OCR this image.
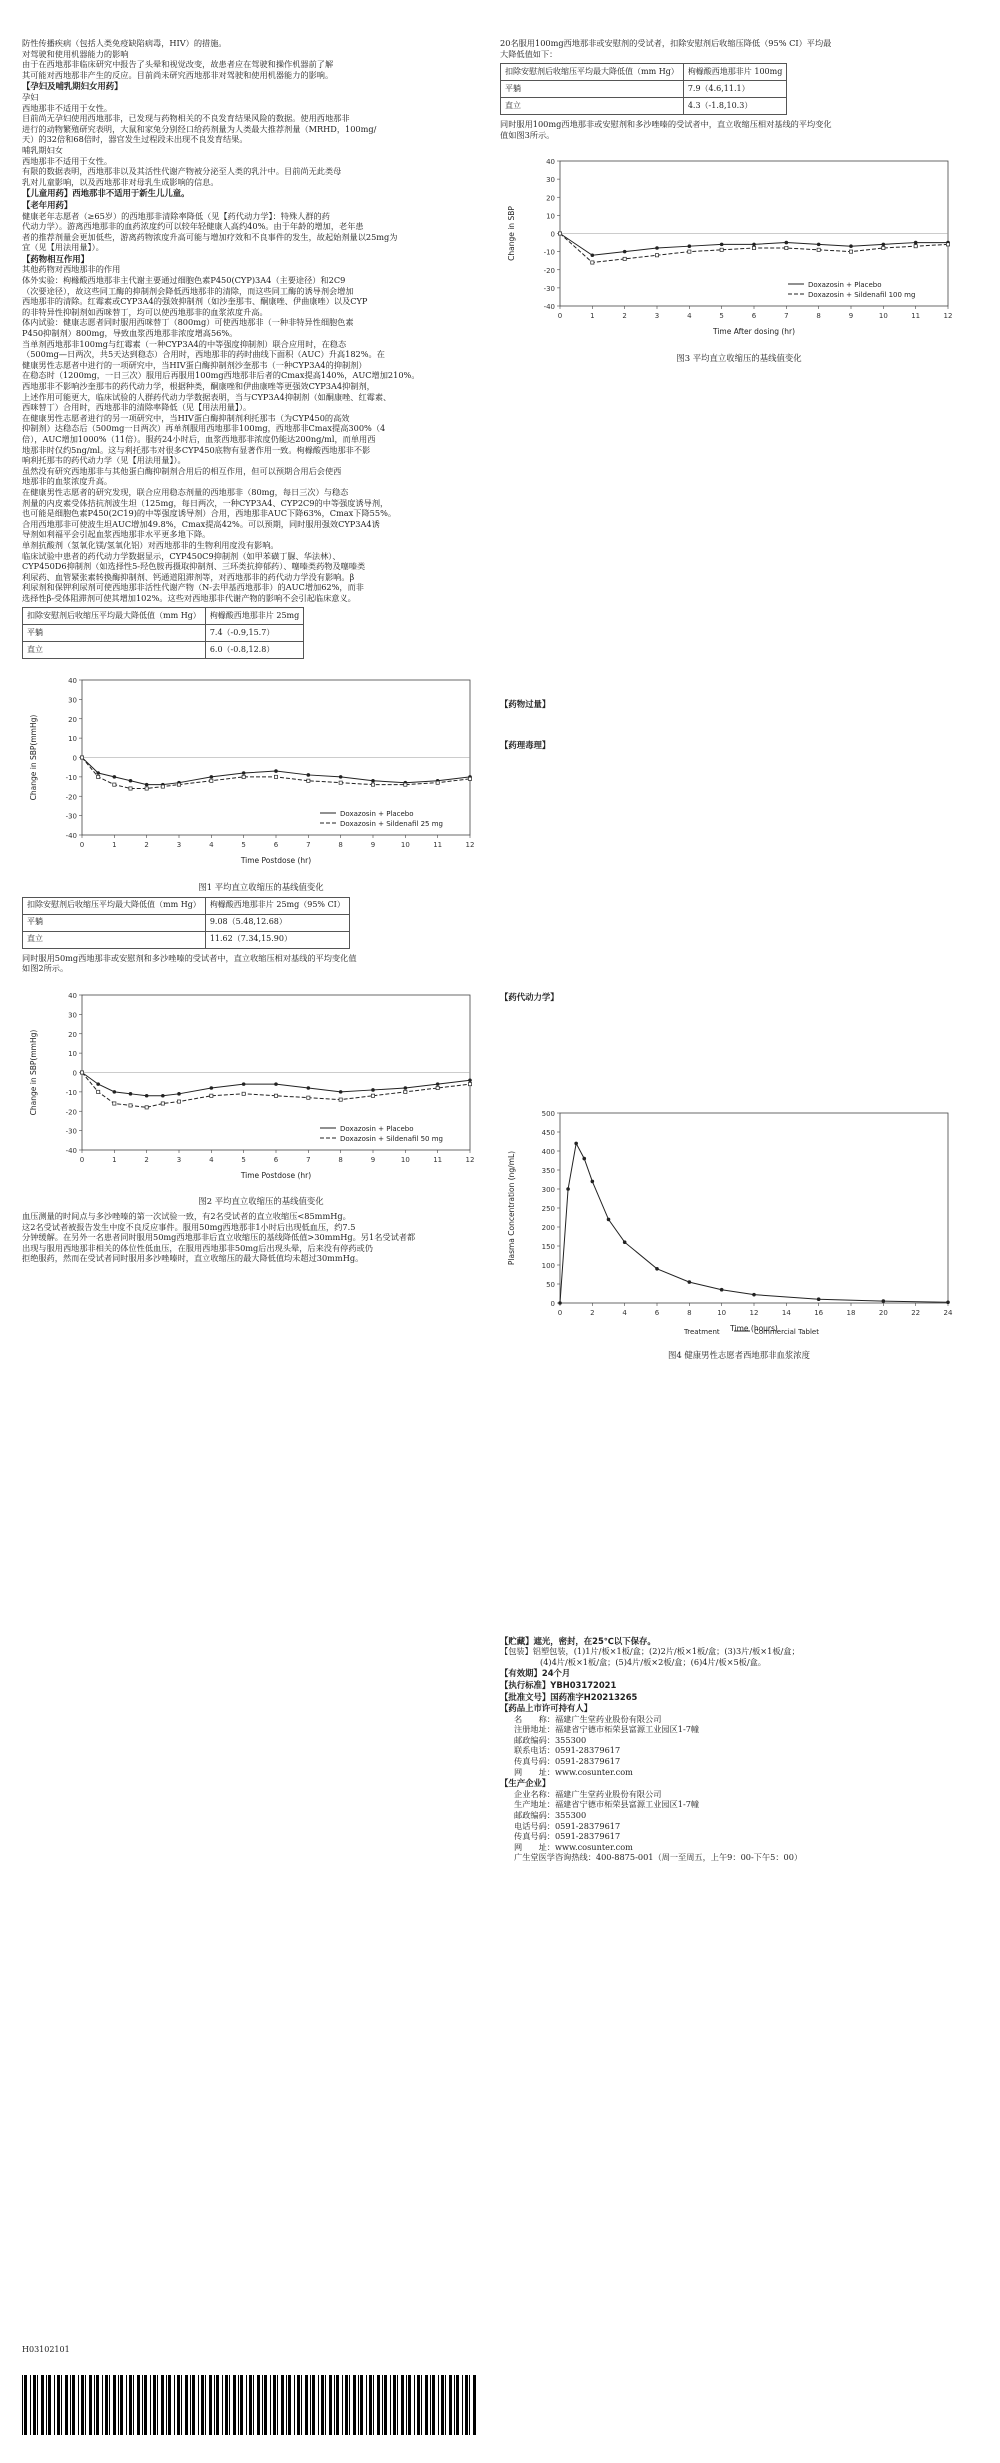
防性传播疾病（包括人类免疫缺陷病毒，HIV）的措施。
对驾驶和使用机器能力的影响
由于在西地那非临床研究中报告了头晕和视觉改变，故患者应在驾驶和操作机器前了解
其可能对西地那非产生的反应。目前尚未研究西地那非对驾驶和使用机器能力的影响。
【孕妇及哺乳期妇女用药】
孕妇
西地那非不适用于女性。
目前尚无孕妇使用西地那非，已发现与药物相关的不良发育结果风险的数据。使用西地那非
进行的动物繁殖研究表明，大鼠和家兔分别经口给药剂量为人类最大推荐剂量（MRHD，100mg/
天）的32倍和68倍时，器官发生过程段未出现不良发育结果。
哺乳期妇女
西地那非不适用于女性。
有限的数据表明，西地那非以及其活性代谢产物被分泌至人类的乳汁中。目前尚无此类母
乳对儿童影响，以及西地那非对母乳生成影响的信息。
【儿童用药】西地那非不适用于新生儿儿童。
【老年用药】
健康老年志愿者（≥65岁）的西地那非清除率降低（见【药代动力学】：特殊人群的药
代动力学）。游离西地那非的血药浓度约可以较年轻健康人高约40%。由于年龄的增加，老年患
者的推荐剂量会更加低些，游离药物浓度升高可能与增加疗效和不良事件的发生，故起始剂量以25mg为
宜（见【用法用量】）。
【药物相互作用】
其他药物对西地那非的作用
体外实验：枸橼酸西地那非主代谢主要通过细胞色素P450(CYP)3A4（主要途径）和2C9
（次要途径），故这些同工酶的抑制剂会降低西地那非的清除，而这些同工酶的诱导剂会增加
西地那非的清除。红霉素或CYP3A4的强效抑制剂（如沙奎那韦、酮康唑、伊曲康唑）以及CYP
的非特异性抑制剂如西咪替丁，均可以使西地那非的血浆浓度升高。
体内试验：健康志愿者同时服用西咪替丁（800mg）可使西地那非（一种非特异性细胞色素
P450抑制剂）800mg，导致血浆西地那非浓度增高56%。
当单剂西地那非100mg与红霉素（一种CYP3A4的中等强度抑制剂）联合应用时，在稳态
（500mg—日两次，共5天达到稳态）合用时，西地那非的药时曲线下面积（AUC）升高182%。在
健康男性志愿者中进行的一项研究中，当HIV蛋白酶抑制剂沙奎那韦（一种CYP3A4的抑制剂）
在稳态时（1200mg，一日三次）服用后再服用100mg西地那非后者的Cmax提高140%，AUC增加210%。
西地那非不影响沙奎那韦的药代动力学，根据种类，酮康唑和伊曲康唑等更强效CYP3A4抑制剂，
上述作用可能更大，临床试验的人群药代动力学数据表明，当与CYP3A4抑制剂（如酮康唑、红霉素、
西咪替丁）合用时，西地那非的清除率降低（见【用法用量】）。
在健康男性志愿者进行的另一项研究中，当HIV蛋白酶抑制剂利托那韦（为CYP450的高效
抑制剂）达稳态后（500mg一日两次）再单剂服用西地那非100mg，西地那非Cmax提高300%（4
倍），AUC增加1000%（11倍）。服药24小时后，血浆西地那非浓度仍能达200ng/ml，而单用西
地那非时仅约5ng/ml。这与利托那韦对很多CYP450底物有显著作用一致。枸橼酸西地那非不影
响利托那韦的药代动力学（见【用法用量】）。
虽然没有研究西地那非与其他蛋白酶抑制剂合用后的相互作用，但可以预期合用后会使西
地那非的血浆浓度升高。
在健康男性志愿者的研究发现，联合应用稳态剂量的西地那非（80mg，每日三次）与稳态
剂量的内皮素受体拮抗剂波生坦（125mg，每日两次，一种CYP3A4、CYP2C9的中等强度诱导剂，
也可能是细胞色素P450(2C19)的中等强度诱导剂）合用，西地那非AUC下降63%，Cmax下降55%。
合用西地那非可使波生坦AUC增加49.8%，Cmax提高42%。可以预期，同时服用强效CYP3A4诱
导剂如利福平会引起血浆西地那非水平更多地下降。
单剂抗酸剂（氢氧化镁/氢氧化铝）对西地那非的生物利用度没有影响。
临床试验中患者的药代动力学数据显示，CYP450C9抑制剂（如甲苯磺丁脲、华法林）、
CYP450D6抑制剂（如选择性5-羟色胺再摄取抑制剂、三环类抗抑郁药）、噻嗪类药物及噻嗪类
利尿药、血管紧张素转换酶抑制剂、钙通道阻滞剂等，对西地那非的药代动力学没有影响。β
利尿剂和保钾利尿剂可使西地那非活性代谢产物（N-去甲基西地那非）的AUC增加62%，而非
选择性β-受体阻滞剂可使其增加102%。这些对西地那非代谢产物的影响不会引起临床意义。
扣除安慰剂后收缩压平均最大降低值（mm Hg）	枸橼酸西地那非片 25mg
平躺	7.4（-0.9,15.7）
直立	6.0（-0.8,12.8）
-40
-30
-20
-10
0
10
20
30
40
0	1	2	3	4	5	6	7	8	9	10	11	12
Time Postdose (hr)
Change in SBP(mmHg)
Doxazosin + Placebo
Doxazosin + Sildenafil 25 mg
图1 平均直立收缩压的基线值变化
扣除安慰剂后收缩压平均最大降低值（mm Hg）	枸橼酸西地那非片 25mg（95% CI）
平躺	9.08（5.48,12.68）
直立	11.62（7.34,15.90）
同时服用50mg西地那非或安慰剂和多沙唑嗪的受试者中，直立收缩压相对基线的平均变化值
如图2所示。
-40
-30
-20
-10
0
10
20
30
40
0	1	2	3	4	5	6	7	8	9	10	11	12
Time Postdose (hr)
Change in SBP(mmHg)
Doxazosin + Placebo
Doxazosin + Sildenafil 50 mg
图2 平均直立收缩压的基线值变化
血压测量的时间点与多沙唑嗪的第一次试验一致，有2名受试者的直立收缩压<85mmHg。
这2名受试者被报告发生中度不良反应事件。服用50mg西地那非1小时后出现低血压，约7.5
分钟缓解。在另外一名患者同时服用50mg西地那非后直立收缩压的基线降低值>30mmHg。另1名受试者都
出现与服用西地那非相关的体位性低血压，在服用西地那非50mg后出现头晕，后来没有停药或仍
拒绝服药，然而在受试者同时服用多沙唑嗪时，直立收缩压的最大降低值均未超过30mmHg。
20名服用100mg西地那非或安慰剂的受试者，扣除安慰剂后收缩压降低（95% CI）平均最
大降低值如下：
扣除安慰剂后收缩压平均最大降低值（mm Hg）	枸橼酸西地那非片 100mg
平躺	7.9（4.6,11.1）
直立	4.3（-1.8,10.3）
同时服用100mg西地那非或安慰剂和多沙唑嗪的受试者中，直立收缩压相对基线的平均变化
值如图3所示。
-40
-30
-20
-10
0
10
20
30
40
0	1	2	3	4	5	6	7	8	9	10	11	12
Time After dosing (hr)
Change in SBP
Doxazosin + Placebo
Doxazosin + Sildenafil 100 mg
图3 平均直立收缩压的基线值变化
【药物过量】
【药理毒理】
【药代动力学】
0
50
100
150
200
250
300
350
400
450
500
0	2	4	6	8	10	12	14	16	18	20	22	24
Time (hours)
Plasma Concentration (ng/mL)
Treatment	Commercial Tablet
图4 健康男性志愿者西地那非血浆浓度
【贮藏】遮光，密封，在25℃以下保存。
【包装】铝塑包装，(1)1片/板×1板/盒；(2)2片/板×1板/盒；(3)3片/板×1板/盒；
(4)4片/板×1板/盒；(5)4片/板×2板/盒；(6)4片/板×5板/盒。
【有效期】24个月
【执行标准】YBH03172021
【批准文号】国药准字H20213265
【药品上市许可持有人】
名　　称：福建广生堂药业股份有限公司
注册地址：福建省宁德市柘荣县富源工业园区1-7幢
邮政编码：355300
联系电话：0591-28379617
传真号码：0591-28379617
网　　址：www.cosunter.com
【生产企业】
企业名称：福建广生堂药业股份有限公司
生产地址：福建省宁德市柘荣县富源工业园区1-7幢
邮政编码：355300
电话号码：0591-28379617
传真号码：0591-28379617
网　　址：www.cosunter.com
广生堂医学咨询热线：400-8875-001（周一至周五，上午9：00-下午5：00）
H03102101
